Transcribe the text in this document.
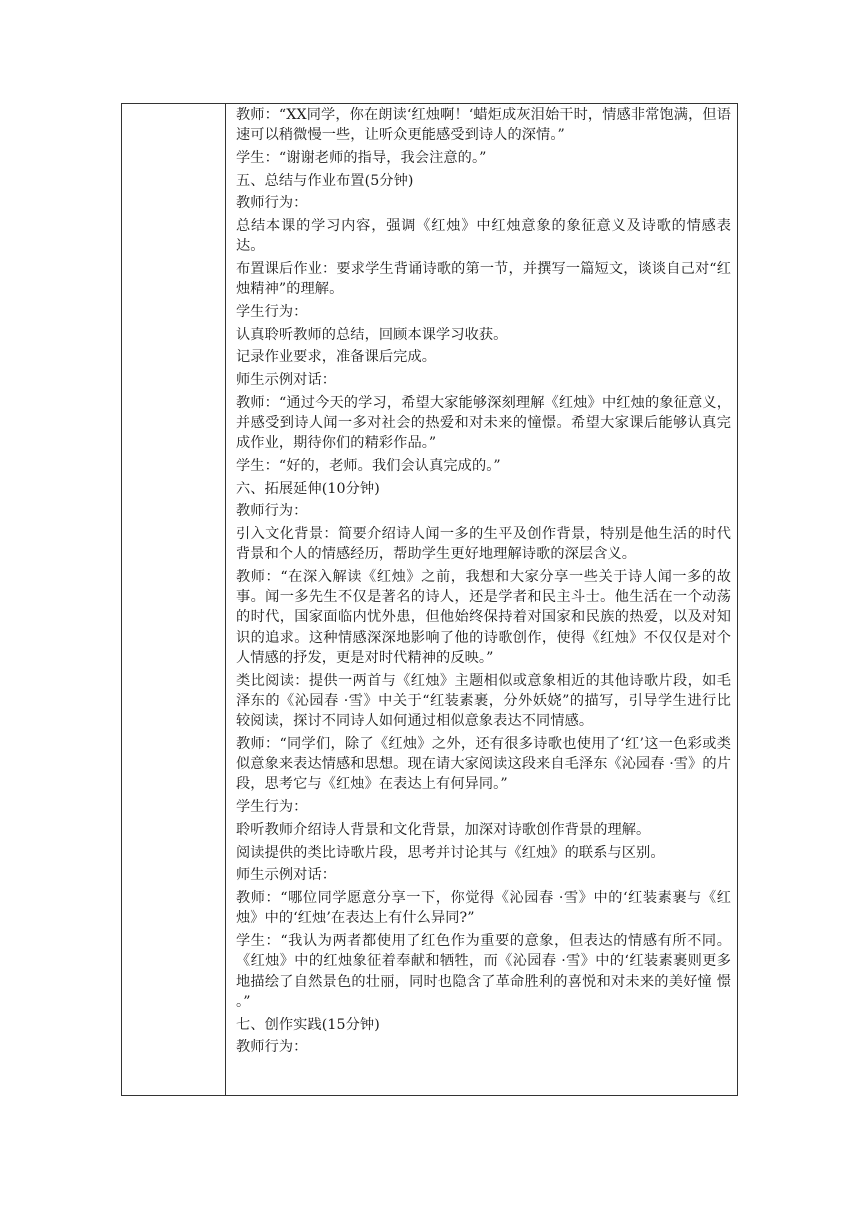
教师：“XX同学，你在朗读‘红烛啊！‘蜡炬成灰泪始干时，情感非常饱满，但语速可以稍微慢一些，让听众更能感受到诗人的深情。”

学生：“谢谢老师的指导，我会注意的。”

五、总结与作业布置(5分钟)

教师行为：

总结本课的学习内容，强调《红烛》中红烛意象的象征意义及诗歌的情感表达。

布置课后作业：要求学生背诵诗歌的第一节，并撰写一篇短文，谈谈自己对“红烛精神”的理解。

学生行为：

认真聆听教师的总结，回顾本课学习收获。

记录作业要求，准备课后完成。

师生示例对话：

教师：“通过今天的学习，希望大家能够深刻理解《红烛》中红烛的象征意义，并感受到诗人闻一多对社会的热爱和对未来的憧憬。希望大家课后能够认真完成作业，期待你们的精彩作品。”

学生：“好的，老师。我们会认真完成的。”

六、拓展延伸(10分钟)

教师行为：

引入文化背景：简要介绍诗人闻一多的生平及创作背景，特别是他生活的时代背景和个人的情感经历，帮助学生更好地理解诗歌的深层含义。

教师：“在深入解读《红烛》之前，我想和大家分享一些关于诗人闻一多的故事。闻一多先生不仅是著名的诗人，还是学者和民主斗士。他生活在一个动荡的时代，国家面临内忧外患，但他始终保持着对国家和民族的热爱，以及对知识的追求。这种情感深深地影响了他的诗歌创作，使得《红烛》不仅仅是对个人情感的抒发，更是对时代精神的反映。”

类比阅读：提供一两首与《红烛》主题相似或意象相近的其他诗歌片段，如毛泽东的《沁园春 ·雪》中关于“红装素裹，分外妖娆”的描写，引导学生进行比较阅读，探讨不同诗人如何通过相似意象表达不同情感。

教师：“同学们，除了《红烛》之外，还有很多诗歌也使用了‘红’这一色彩或类似意象来表达情感和思想。现在请大家阅读这段来自毛泽东《沁园春 ·雪》的片段，思考它与《红烛》在表达上有何异同。”

学生行为：

聆听教师介绍诗人背景和文化背景，加深对诗歌创作背景的理解。

阅读提供的类比诗歌片段，思考并讨论其与《红烛》的联系与区别。

师生示例对话：

教师：“哪位同学愿意分享一下，你觉得《沁园春 ·雪》中的‘红装素裹与《红烛》中的‘红烛’在表达上有什么异同?”

学生：“我认为两者都使用了红色作为重要的意象，但表达的情感有所不同。《红烛》中的红烛象征着奉献和牺牲，而《沁园春 ·雪》中的‘红装素裹则更多地描绘了自然景色的壮丽，同时也隐含了革命胜利的喜悦和对未来的美好憧 憬 。”

七、创作实践(15分钟)

教师行为：
